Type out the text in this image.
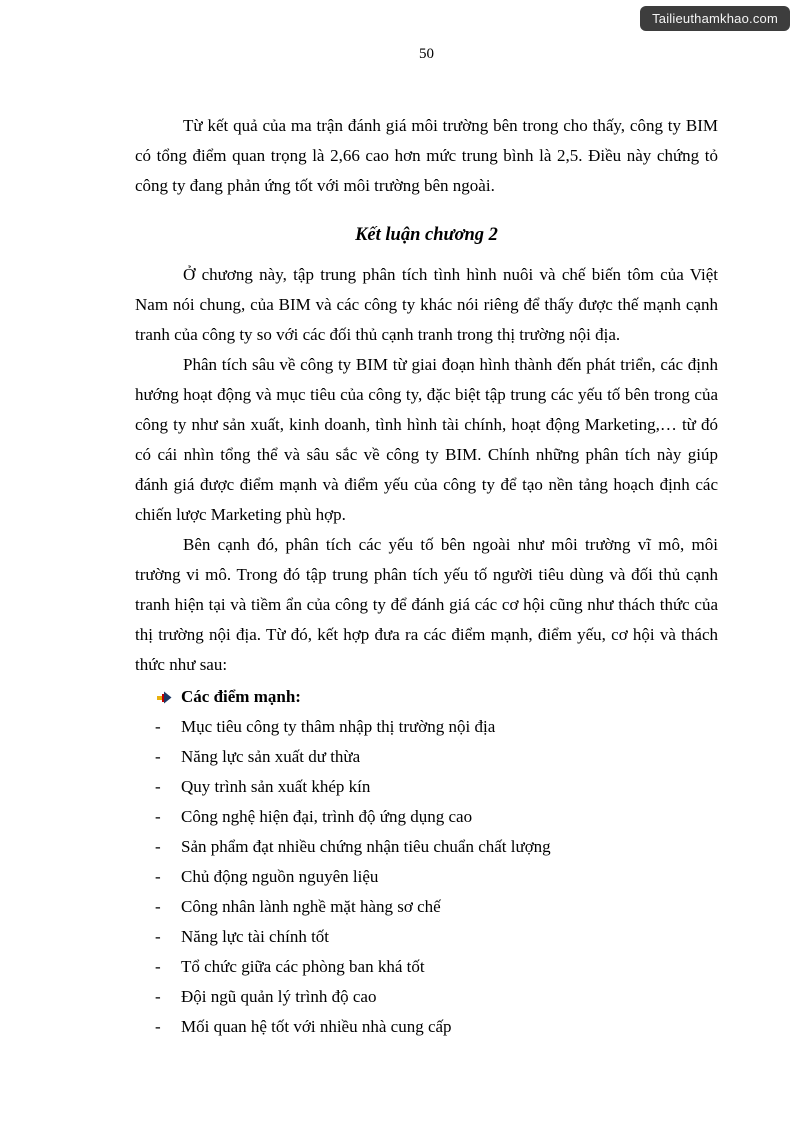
Tailieuthamkhao.com
50

Từ kết quả của ma trận đánh giá môi trường bên trong cho thấy, công ty BIM có tổng điểm quan trọng là 2,66 cao hơn mức trung bình là 2,5. Điều này chứng tỏ công ty đang phản ứng tốt với môi trường bên ngoài.

Kết luận chương 2

Ở chương này, tập trung phân tích tình hình nuôi và chế biến tôm của Việt Nam nói chung, của BIM và các công ty khác nói riêng để thấy được thế mạnh cạnh tranh của công ty so với các đối thủ cạnh tranh trong thị trường nội địa.

Phân tích sâu về công ty BIM từ giai đoạn hình thành đến phát triển, các định hướng hoạt động và mục tiêu của công ty, đặc biệt tập trung các yếu tố bên trong của công ty như sản xuất, kinh doanh, tình hình tài chính, hoạt động Marketing,… từ đó có cái nhìn tổng thể và sâu sắc về công ty BIM. Chính những phân tích này giúp đánh giá được điểm mạnh và điểm yếu của công ty để tạo nền tảng hoạch định các chiến lược Marketing phù hợp.

Bên cạnh đó, phân tích các yếu tố bên ngoài như môi trường vĩ mô, môi trường vi mô. Trong đó tập trung phân tích yếu tố người tiêu dùng và đối thủ cạnh tranh hiện tại và tiềm ẩn của công ty để đánh giá các cơ hội cũng như thách thức của thị trường nội địa. Từ đó, kết hợp đưa ra các điểm mạnh, điểm yếu, cơ hội và thách thức như sau:

Các điểm mạnh:
-	Mục tiêu công ty thâm nhập thị trường nội địa
-	Năng lực sản xuất dư thừa
-	Quy trình sản xuất khép kín
-	Công nghệ hiện đại, trình độ ứng dụng cao
-	Sản phẩm đạt nhiều chứng nhận tiêu chuẩn chất lượng
-	Chủ động nguồn nguyên liệu
-	Công nhân lành nghề mặt hàng sơ chế
-	Năng lực tài chính tốt
-	Tổ chức giữa các phòng ban khá tốt
-	Đội ngũ quản lý trình độ cao
-	Mối quan hệ tốt với nhiều nhà cung cấp
